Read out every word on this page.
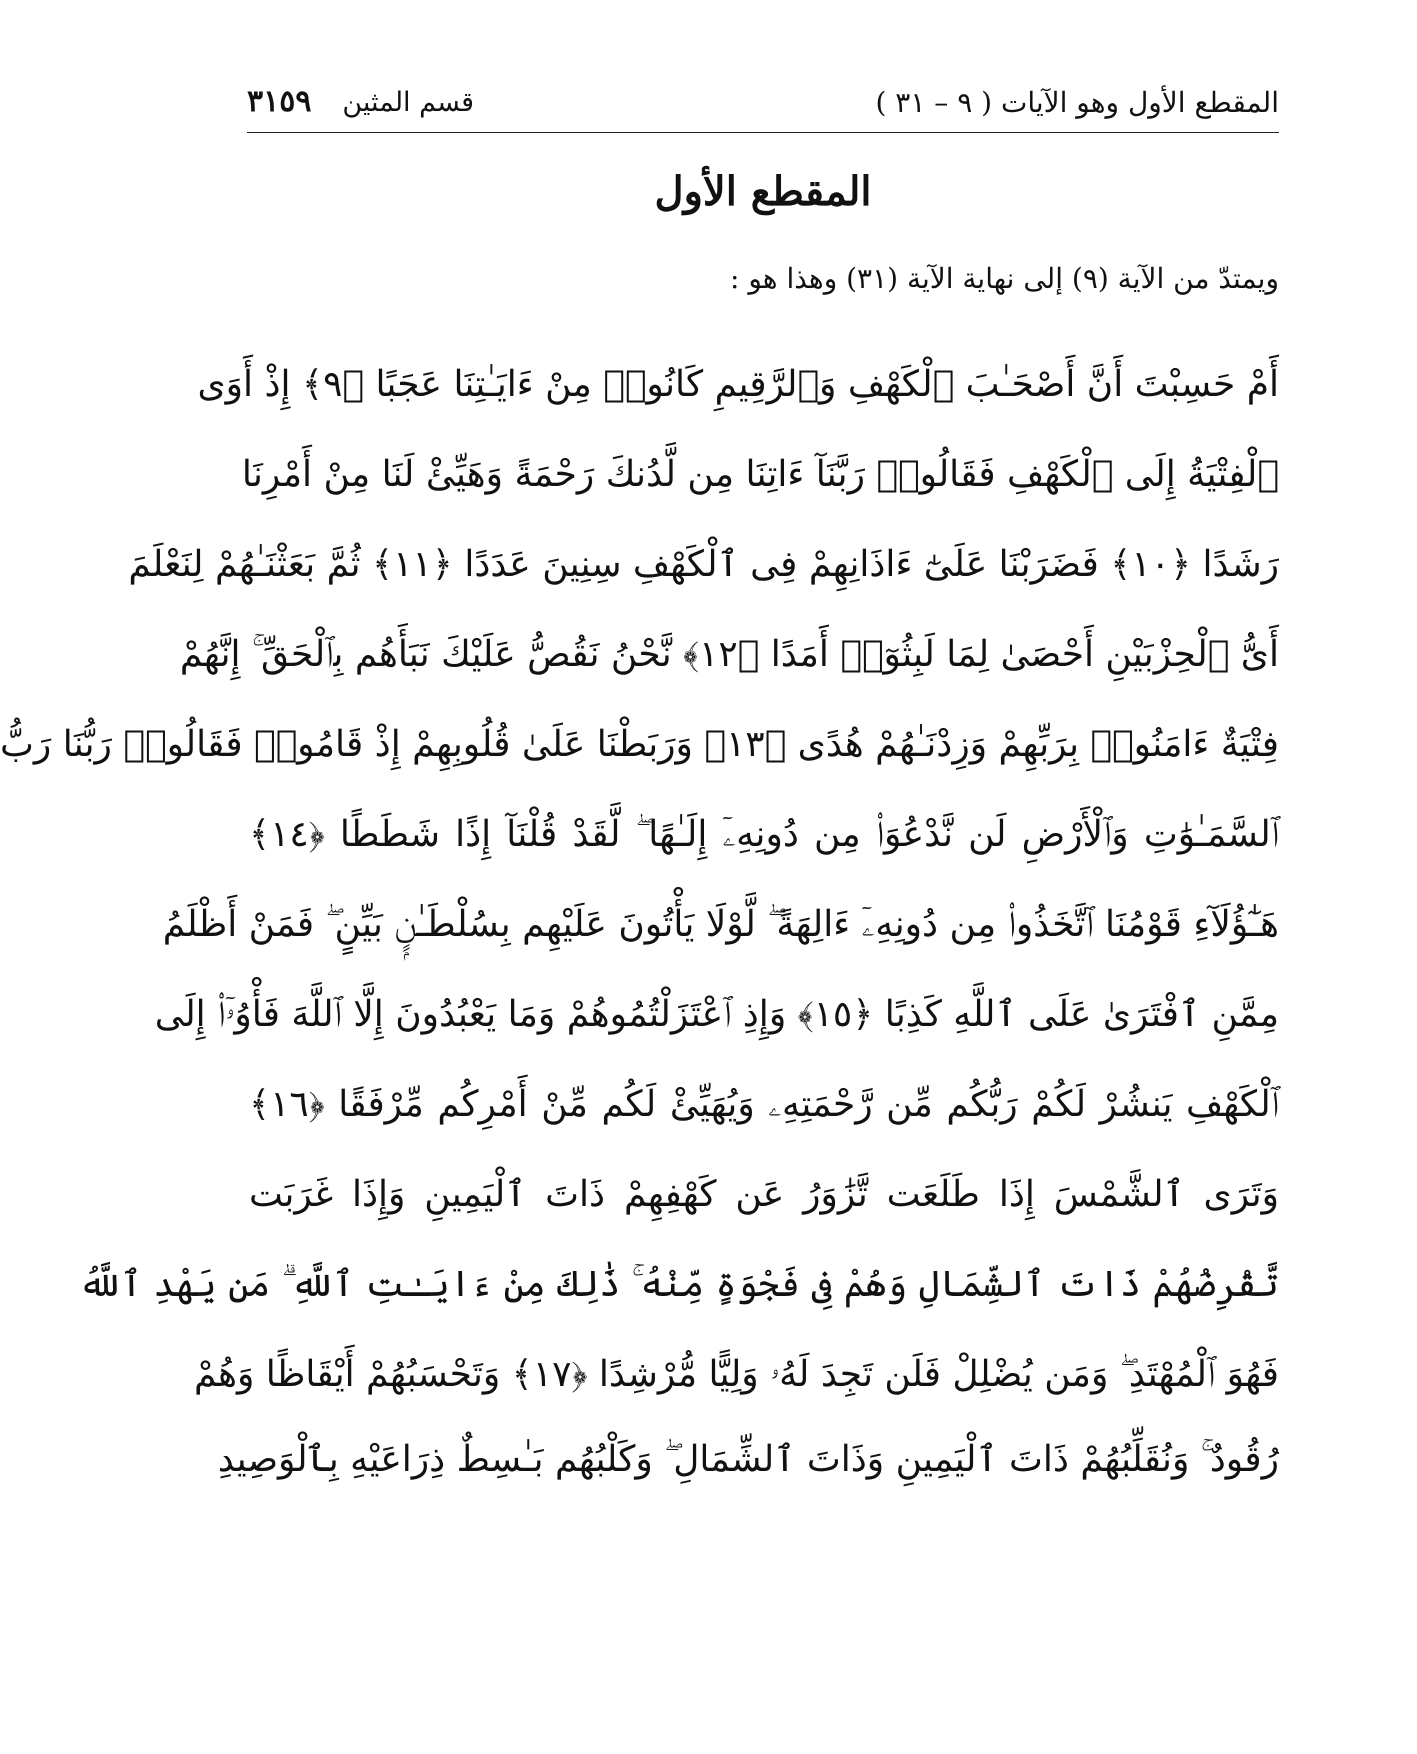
المقطع الأول وهو الآيات ( ٩ – ٣١ )
قسم المثين ٣١٥٩
المقطع الأول
ويمتدّ من الآية (٩) إلى نهاية الآية (٣١) وهذا هو :
أَمْ حَسِبْتَ أَنَّ أَصْحَـٰبَ ٱلْكَهْفِ وَٱلرَّقِيمِ كَانُوا۟ مِنْ ءَايَـٰتِنَا عَجَبًا ﴿٩﴾ إِذْ أَوَى
ٱلْفِتْيَةُ إِلَى ٱلْكَهْفِ فَقَالُوا۟ رَبَّنَآ ءَاتِنَا مِن لَّدُنكَ رَحْمَةً وَهَيِّئْ لَنَا مِنْ أَمْرِنَا
رَشَدًا ﴿١٠﴾ فَضَرَبْنَا عَلَىٰٓ ءَاذَانِهِمْ فِى ٱلْكَهْفِ سِنِينَ عَدَدًا ﴿١١﴾ ثُمَّ بَعَثْنَـٰهُمْ لِنَعْلَمَ
أَىُّ ٱلْحِزْبَيْنِ أَحْصَىٰ لِمَا لَبِثُوٓا۟ أَمَدًا ﴿١٢﴾ نَّحْنُ نَقُصُّ عَلَيْكَ نَبَأَهُم بِٱلْحَقِّ ۚ إِنَّهُمْ
فِتْيَةٌ ءَامَنُوا۟ بِرَبِّهِمْ وَزِدْنَـٰهُمْ هُدًى ﴿١٣﴾ وَرَبَطْنَا عَلَىٰ قُلُوبِهِمْ إِذْ قَامُوا۟ فَقَالُوا۟ رَبُّنَا رَبُّ
ٱلسَّمَـٰوَٰتِ وَٱلْأَرْضِ لَن نَّدْعُوَا۟ مِن دُونِهِۦٓ إِلَـٰهًا ۖ لَّقَدْ قُلْنَآ إِذًا شَطَطًا ﴿١٤﴾
هَـٰٓؤُلَآءِ قَوْمُنَا ٱتَّخَذُوا۟ مِن دُونِهِۦٓ ءَالِهَةً ۖ لَّوْلَا يَأْتُونَ عَلَيْهِم بِسُلْطَـٰنٍۭ بَيِّنٍ ۖ فَمَنْ أَظْلَمُ
مِمَّنِ ٱفْتَرَىٰ عَلَى ٱللَّهِ كَذِبًا ﴿١٥﴾ وَإِذِ ٱعْتَزَلْتُمُوهُمْ وَمَا يَعْبُدُونَ إِلَّا ٱللَّهَ فَأْوُۥٓا۟ إِلَى
ٱلْكَهْفِ يَنشُرْ لَكُمْ رَبُّكُم مِّن رَّحْمَتِهِۦ وَيُهَيِّئْ لَكُم مِّنْ أَمْرِكُم مِّرْفَقًا ﴿١٦﴾
وَتَرَى ٱلشَّمْسَ إِذَا طَلَعَت تَّزَٰوَرُ عَن كَهْفِهِمْ ذَاتَ ٱلْيَمِينِ وَإِذَا غَرَبَت
تَّقْرِضُهُمْ ذَاتَ ٱلشِّمَالِ وَهُمْ فِى فَجْوَةٍ مِّنْهُ ۚ ذَٰلِكَ مِنْ ءَايَـٰتِ ٱللَّهِ ۗ مَن يَهْدِ ٱللَّهُ
فَهُوَ ٱلْمُهْتَدِ ۖ وَمَن يُضْلِلْ فَلَن تَجِدَ لَهُۥ وَلِيًّا مُّرْشِدًا ﴿١٧﴾ وَتَحْسَبُهُمْ أَيْقَاظًا وَهُمْ
رُقُودٌ ۚ وَنُقَلِّبُهُمْ ذَاتَ ٱلْيَمِينِ وَذَاتَ ٱلشِّمَالِ ۖ وَكَلْبُهُم بَـٰسِطٌ ذِرَاعَيْهِ بِٱلْوَصِيدِ
